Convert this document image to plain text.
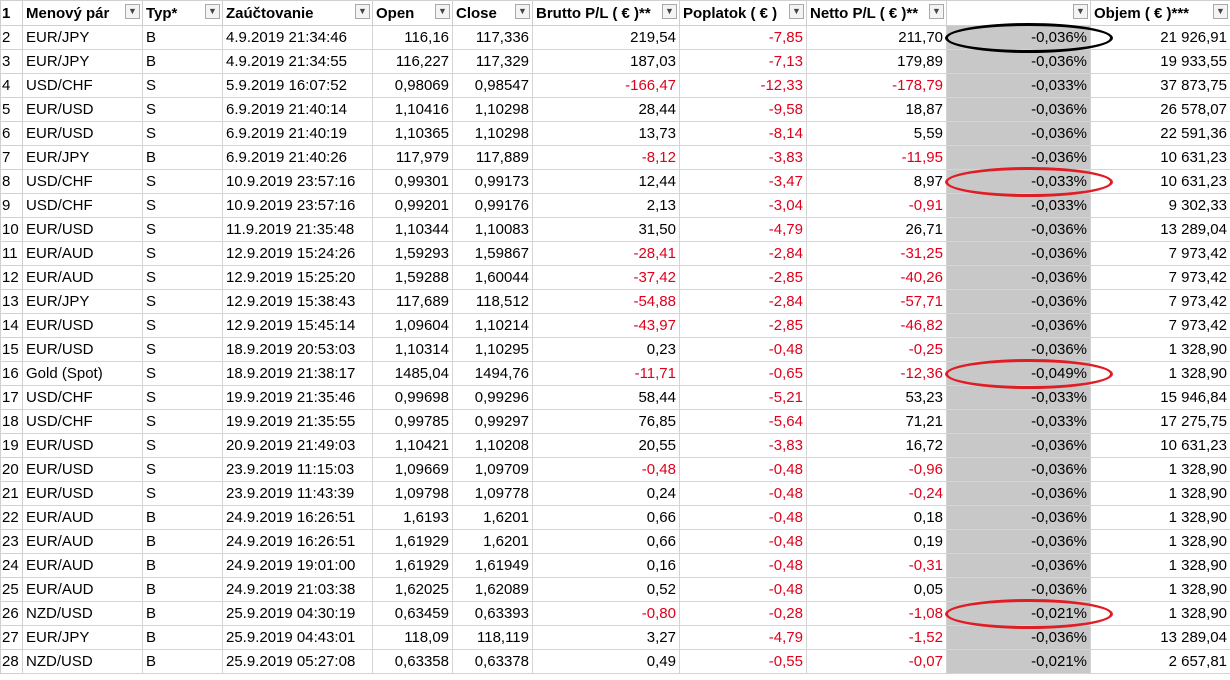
1	Menový pár ▼	Typ* ▼	Zaúčtovanie ▼	Open ▼	Close ▼	Brutto P/L ( € )** ▼	Poplatok ( € ) ▼	Netto P/L ( € )** ▼	▼	Objem ( € )*** ▼

2	EUR/JPY	B	4.9.2019 21:34:46	116,16	117,336	219,54	-7,85	211,70	-0,036%	21 926,91
3	EUR/JPY	B	4.9.2019 21:34:55	116,227	117,329	187,03	-7,13	179,89	-0,036%	19 933,55
4	USD/CHF	S	5.9.2019 16:07:52	0,98069	0,98547	-166,47	-12,33	-178,79	-0,033%	37 873,75
5	EUR/USD	S	6.9.2019 21:40:14	1,10416	1,10298	28,44	-9,58	18,87	-0,036%	26 578,07
6	EUR/USD	S	6.9.2019 21:40:19	1,10365	1,10298	13,73	-8,14	5,59	-0,036%	22 591,36
7	EUR/JPY	B	6.9.2019 21:40:26	117,979	117,889	-8,12	-3,83	-11,95	-0,036%	10 631,23
8	USD/CHF	S	10.9.2019 23:57:16	0,99301	0,99173	12,44	-3,47	8,97	-0,033%	10 631,23
9	USD/CHF	S	10.9.2019 23:57:16	0,99201	0,99176	2,13	-3,04	-0,91	-0,033%	9 302,33
10	EUR/USD	S	11.9.2019 21:35:48	1,10344	1,10083	31,50	-4,79	26,71	-0,036%	13 289,04
11	EUR/AUD	S	12.9.2019 15:24:26	1,59293	1,59867	-28,41	-2,84	-31,25	-0,036%	7 973,42
12	EUR/AUD	S	12.9.2019 15:25:20	1,59288	1,60044	-37,42	-2,85	-40,26	-0,036%	7 973,42
13	EUR/JPY	S	12.9.2019 15:38:43	117,689	118,512	-54,88	-2,84	-57,71	-0,036%	7 973,42
14	EUR/USD	S	12.9.2019 15:45:14	1,09604	1,10214	-43,97	-2,85	-46,82	-0,036%	7 973,42
15	EUR/USD	S	18.9.2019 20:53:03	1,10314	1,10295	0,23	-0,48	-0,25	-0,036%	1 328,90
16	Gold (Spot)	S	18.9.2019 21:38:17	1485,04	1494,76	-11,71	-0,65	-12,36	-0,049%	1 328,90
17	USD/CHF	S	19.9.2019 21:35:46	0,99698	0,99296	58,44	-5,21	53,23	-0,033%	15 946,84
18	USD/CHF	S	19.9.2019 21:35:55	0,99785	0,99297	76,85	-5,64	71,21	-0,033%	17 275,75
19	EUR/USD	S	20.9.2019 21:49:03	1,10421	1,10208	20,55	-3,83	16,72	-0,036%	10 631,23
20	EUR/USD	S	23.9.2019 11:15:03	1,09669	1,09709	-0,48	-0,48	-0,96	-0,036%	1 328,90
21	EUR/USD	S	23.9.2019 11:43:39	1,09798	1,09778	0,24	-0,48	-0,24	-0,036%	1 328,90
22	EUR/AUD	B	24.9.2019 16:26:51	1,6193	1,6201	0,66	-0,48	0,18	-0,036%	1 328,90
23	EUR/AUD	B	24.9.2019 16:26:51	1,61929	1,6201	0,66	-0,48	0,19	-0,036%	1 328,90
24	EUR/AUD	B	24.9.2019 19:01:00	1,61929	1,61949	0,16	-0,48	-0,31	-0,036%	1 328,90
25	EUR/AUD	B	24.9.2019 21:03:38	1,62025	1,62089	0,52	-0,48	0,05	-0,036%	1 328,90
26	NZD/USD	B	25.9.2019 04:30:19	0,63459	0,63393	-0,80	-0,28	-1,08	-0,021%	1 328,90
27	EUR/JPY	B	25.9.2019 04:43:01	118,09	118,119	3,27	-4,79	-1,52	-0,036%	13 289,04
28	NZD/USD	B	25.9.2019 05:27:08	0,63358	0,63378	0,49	-0,55	-0,07	-0,021%	2 657,81
